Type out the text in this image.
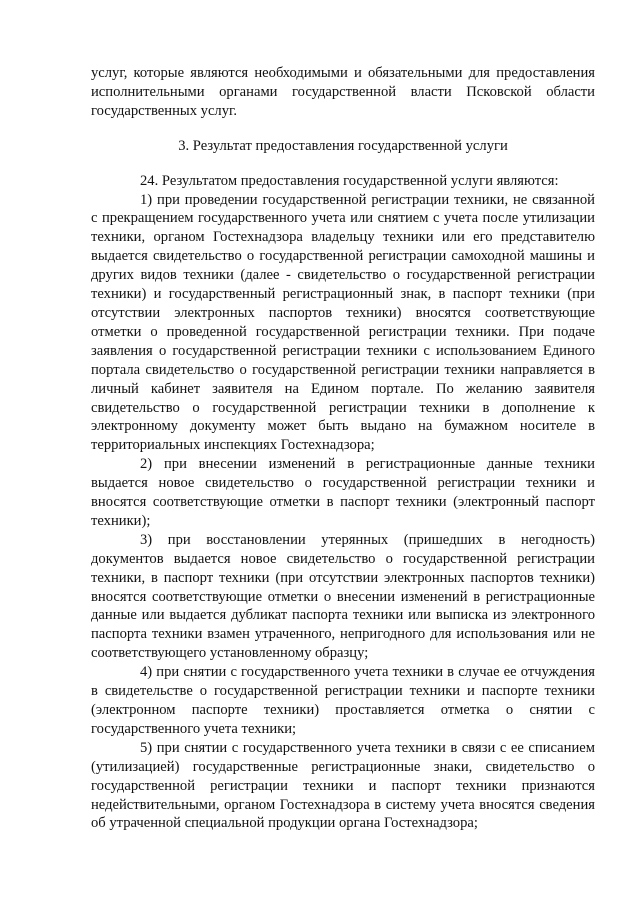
услуг, которые являются необходимыми и обязательными для предоставления исполнительными органами государственной власти Псковской области государственных услуг.

3. Результат предоставления государственной услуги

24. Результатом предоставления государственной услуги являются:

1) при проведении государственной регистрации техники, не связанной с прекращением государственного учета или снятием с учета после утилизации техники, органом Гостехнадзора владельцу техники или его представителю выдается свидетельство о государственной регистрации самоходной машины и других видов техники (далее - свидетельство о государственной регистрации техники) и государственный регистрационный знак, в паспорт техники (при отсутствии электронных паспортов техники) вносятся соответствующие отметки о проведенной государственной регистрации техники. При подаче заявления о государственной регистрации техники с использованием Единого портала свидетельство о государственной регистрации техники направляется в личный кабинет заявителя на Едином портале. По желанию заявителя свидетельство о государственной регистрации техники в дополнение к электронному документу может быть выдано на бумажном носителе в территориальных инспекциях Гостехнадзора;

2) при внесении изменений в регистрационные данные техники выдается новое свидетельство о государственной регистрации техники и вносятся соответствующие отметки в паспорт техники (электронный паспорт техники);

3) при восстановлении утерянных (пришедших в негодность) документов выдается новое свидетельство о государственной регистрации техники, в паспорт техники (при отсутствии электронных паспортов техники) вносятся соответствующие отметки о внесении изменений в регистрационные данные или выдается дубликат паспорта техники или выписка из электронного паспорта техники взамен утраченного, непригодного для использования или не соответствующего установленному образцу;

4) при снятии с государственного учета техники в случае ее отчуждения в свидетельстве о государственной регистрации техники и паспорте техники (электронном паспорте техники) проставляется отметка о снятии с государственного учета техники;

5) при снятии с государственного учета техники в связи с ее списанием (утилизацией) государственные регистрационные знаки, свидетельство о государственной регистрации техники и паспорт техники признаются недействительными, органом Гостехнадзора в систему учета вносятся сведения об утраченной специальной продукции органа Гостехнадзора;
